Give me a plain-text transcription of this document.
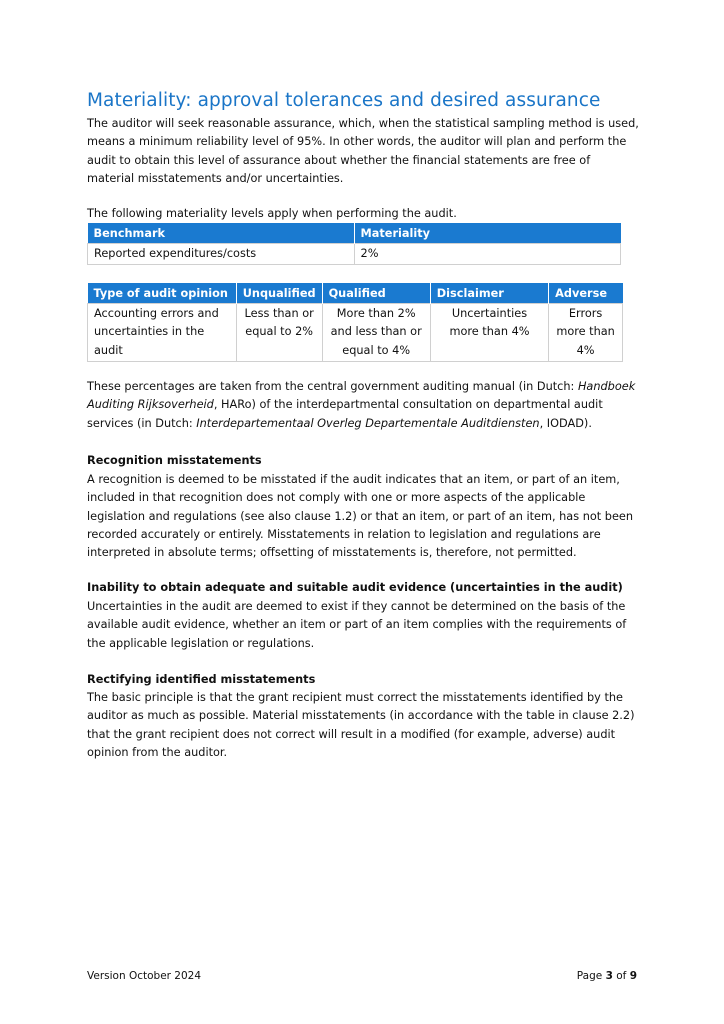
Materiality: approval tolerances and desired assurance

The auditor will seek reasonable assurance, which, when the statistical sampling method is used, means a minimum reliability level of 95%. In other words, the auditor will plan and perform the audit to obtain this level of assurance about whether the financial statements are free of material misstatements and/or uncertainties.

The following materiality levels apply when performing the audit.

Benchmark	Materiality
Reported expenditures/costs	2%
Type of audit opinion	Unqualified	Qualified	Disclaimer	Adverse
Accounting errors and uncertainties in the audit	Less than or equal to 2%	More than 2% and less than or equal to 4%	Uncertainties more than 4%	Errors more than 4%

These percentages are taken from the central government auditing manual (in Dutch: Handboek Auditing Rijksoverheid, HARo) of the interdepartmental consultation on departmental audit services (in Dutch: Interdepartementaal Overleg Departementale Auditdiensten, IODAD).

Recognition misstatements

A recognition is deemed to be misstated if the audit indicates that an item, or part of an item, included in that recognition does not comply with one or more aspects of the applicable legislation and regulations (see also clause 1.2) or that an item, or part of an item, has not been recorded accurately or entirely. Misstatements in relation to legislation and regulations are interpreted in absolute terms; offsetting of misstatements is, therefore, not permitted.

Inability to obtain adequate and suitable audit evidence (uncertainties in the audit)

Uncertainties in the audit are deemed to exist if they cannot be determined on the basis of the available audit evidence, whether an item or part of an item complies with the requirements of the applicable legislation or regulations.

Rectifying identified misstatements

The basic principle is that the grant recipient must correct the misstatements identified by the auditor as much as possible. Material misstatements (in accordance with the table in clause 2.2) that the grant recipient does not correct will result in a modified (for example, adverse) audit opinion from the auditor.

Version October 2024	Page 3 of 9
